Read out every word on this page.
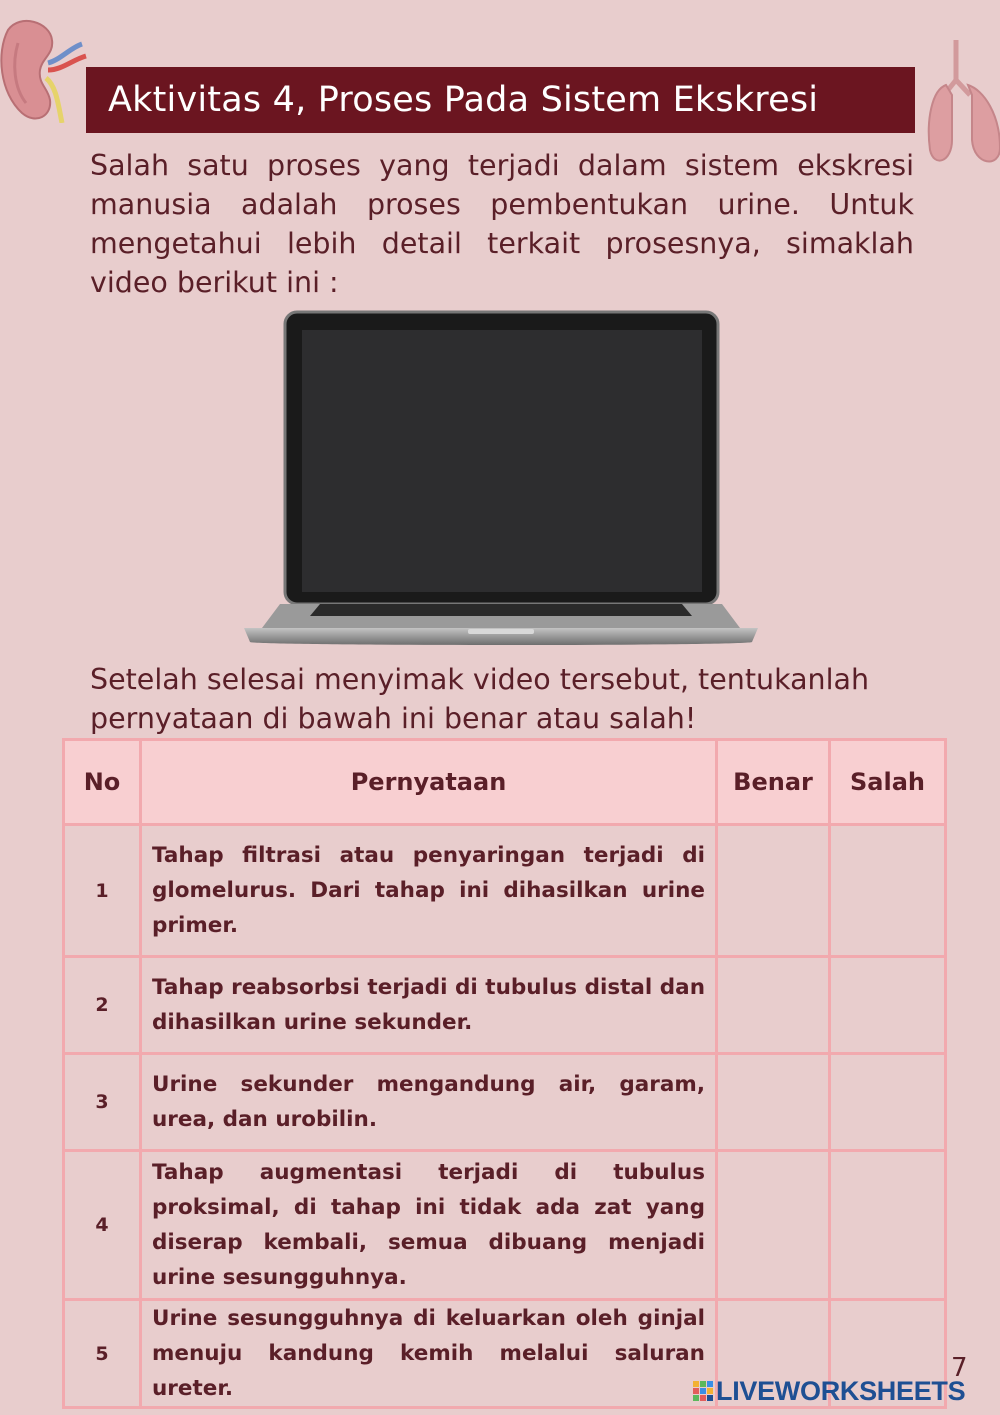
Aktivitas 4, Proses Pada Sistem Ekskresi

Salah satu proses yang terjadi dalam sistem ekskresi manusia adalah proses pembentukan urine. Untuk mengetahui lebih detail terkait prosesnya, simaklah video berikut ini :

Setelah selesai menyimak video tersebut, tentukanlah pernyataan di bawah ini benar atau salah!

No	Pernyataan	Benar	Salah
1	Tahap filtrasi atau penyaringan terjadi di glomelurus. Dari tahap ini dihasilkan urine primer.		
2	Tahap reabsorbsi terjadi di tubulus distal dan dihasilkan urine sekunder.		
3	Urine sekunder mengandung air, garam, urea, dan urobilin.		
4	Tahap augmentasi terjadi di tubulus proksimal, di tahap ini tidak ada zat yang diserap kembali, semua dibuang menjadi urine sesungguhnya.		
5	Urine sesungguhnya di keluarkan oleh ginjal menuju kandung kemih melalui saluran ureter.		
7
LIVEWORKSHEETS
